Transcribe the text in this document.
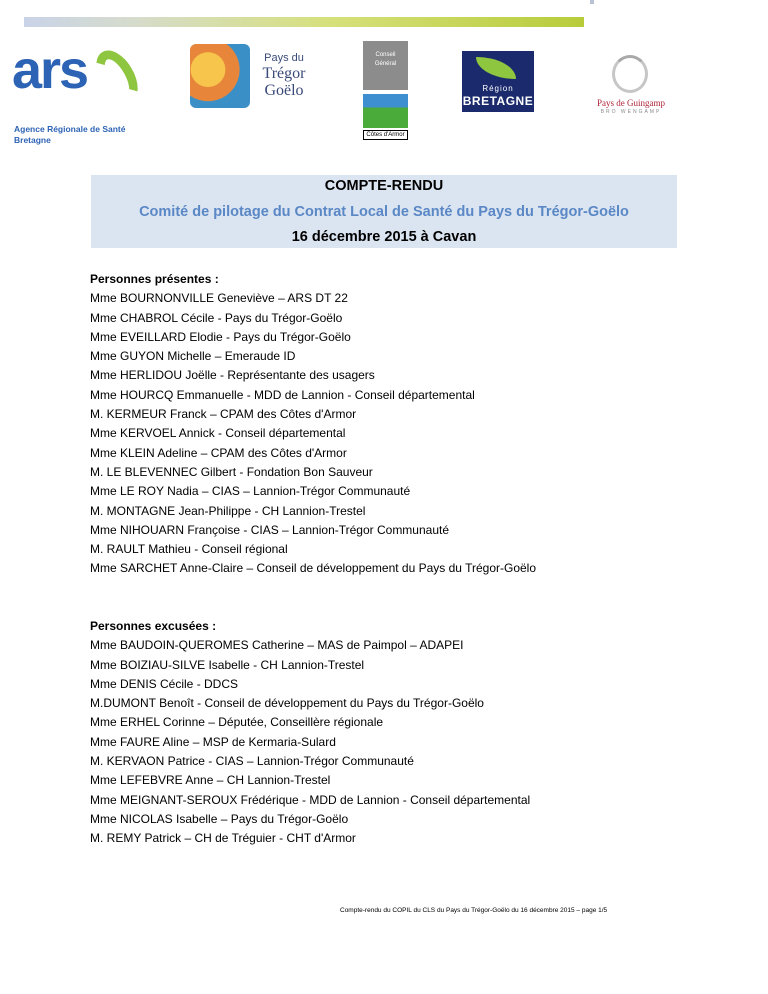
ars
Agence Régionale de Santé
Bretagne
Pays du
Trégor
Goëlo
Conseil
Général
Côtes d'Armor
Région
BRETAGNE	Pays de Guingamp
BRO WENGAMP
COMPTE-RENDU
Comité de pilotage du Contrat Local de Santé du Pays du Trégor-Goëlo
16 décembre 2015 à Cavan
Personnes présentes :
Mme BOURNONVILLE Geneviève – ARS DT 22
Mme CHABROL Cécile - Pays du Trégor-Goëlo
Mme EVEILLARD Elodie - Pays du Trégor-Goëlo
Mme GUYON Michelle – Emeraude ID
Mme HERLIDOU Joëlle - Représentante des usagers
Mme HOURCQ Emmanuelle - MDD de Lannion - Conseil départemental
M. KERMEUR Franck – CPAM des Côtes d'Armor
Mme KERVOEL Annick - Conseil départemental
Mme KLEIN Adeline – CPAM des Côtes d'Armor
M. LE BLEVENNEC Gilbert - Fondation Bon Sauveur
Mme LE ROY Nadia – CIAS – Lannion-Trégor Communauté
M. MONTAGNE Jean-Philippe - CH Lannion-Trestel
Mme NIHOUARN Françoise - CIAS – Lannion-Trégor Communauté
M. RAULT Mathieu - Conseil régional
Mme SARCHET Anne-Claire – Conseil de développement du Pays du Trégor-Goëlo
Personnes excusées :
Mme BAUDOIN-QUEROMES Catherine – MAS de Paimpol – ADAPEI
Mme BOIZIAU-SILVE Isabelle - CH Lannion-Trestel
Mme DENIS Cécile - DDCS
M.DUMONT Benoît - Conseil de développement du Pays du Trégor-Goëlo
Mme ERHEL Corinne – Députée, Conseillère régionale
Mme FAURE Aline – MSP de Kermaria-Sulard
M. KERVAON Patrice - CIAS – Lannion-Trégor Communauté
Mme LEFEBVRE Anne – CH Lannion-Trestel
Mme MEIGNANT-SEROUX Frédérique - MDD de Lannion - Conseil départemental
Mme NICOLAS Isabelle – Pays du Trégor-Goëlo
M. REMY Patrick – CH de Tréguier - CHT d'Armor
Compte-rendu du COPIL du CLS du Pays du Trégor-Goëlo du 16 décembre 2015 – page 1/5
